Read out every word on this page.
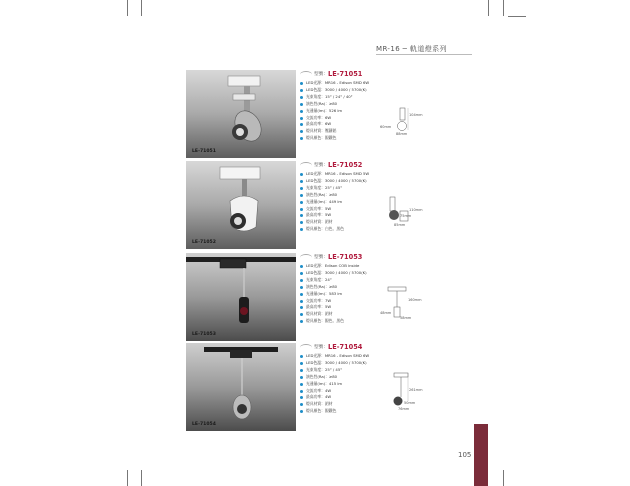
MR-16 ─ 軌道燈系列
LE-71051
型號： LE-71051
LED光源：MR16 - Edison SMD 6W
LED色溫：3000 / 4000 / 5700(K)
光束角度：15° / 24° / 40°
演色性(Ra)：≥80
光通量(lm)：526 lm
交流功率：6W
最高功率：6W
燈具材質：壓鑄鋁
燈具顏色：銀鐵色
104mm
60mm
88mm
LE-71052
型號： LE-71052
LED光源：MR16 - Edison SMD 5W
LED色溫：3000 / 4000 / 5700(K)
光束角度：25° / 45°
演色性(Ra)：≥80
光通量(lm)：449 lm
交流功率：5W
最高功率：5W
燈具材質：鋁材
燈具顏色：白色、黑色
110mm
75mm
85mm
LE-71053
型號： LE-71053
LED光源：Edison COB inside
LED色溫：3000 / 4000 / 5700(K)
光束角度：24°
演色性(Ra)：≥80
光通量(lm)：583 lm
交流功率：7W
最高功率：5W
燈具材質：鋁材
燈具顏色：銀色、黑色
160mm
48mm
58mm
LE-71054
型號： LE-71054
LED光源：MR16 - Edison SMD 6W
LED色溫：3000 / 4000 / 5700(K)
光束角度：25° / 45°
演色性(Ra)：≥80
光通量(lm)：415 lm
交流功率：4W
最高功率：4W
燈具材質：鋁材
燈具顏色：銀鐵色
261mm
50mm
76mm
105
